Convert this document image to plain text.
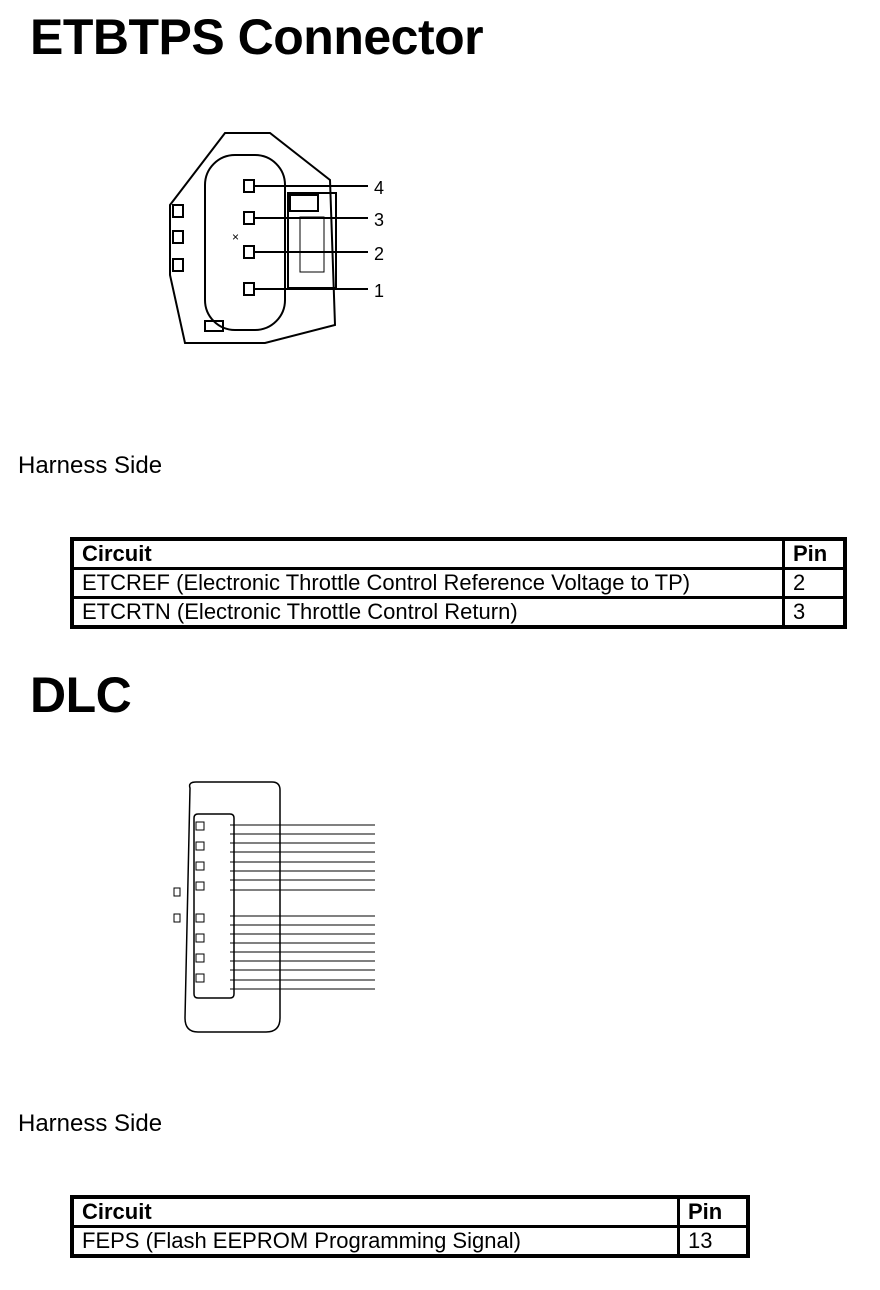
ETBTPS Connector
×
4
3
2
1

Harness Side

Circuit	Pin
ETCREF (Electronic Throttle Control Reference Voltage to TP)	2
ETCRTN (Electronic Throttle Control Return)	3
DLC

Harness Side

Circuit	Pin
FEPS (Flash EEPROM Programming Signal)	13
